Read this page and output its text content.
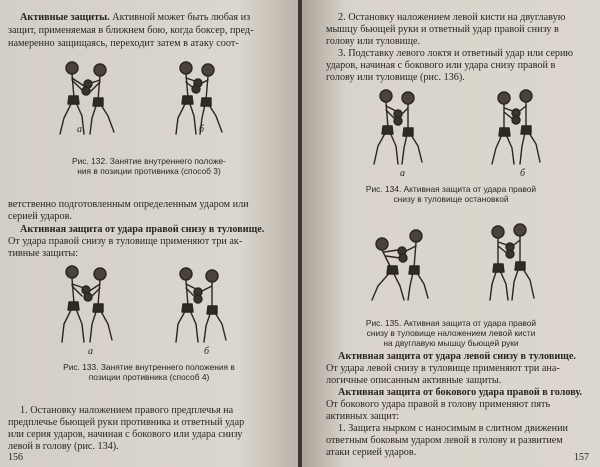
Активные защиты. Активной может быть любая из
защит, применяемая в ближнем бою, когда боксер, пред-
намеренно защищаясь, переходит затем в атаку соот-
а	б
Рис. 132. Занятие внутреннего положе-
ния в позиции противника (способ 3)
ветственно подготовленным определенным ударом или
серией ударов.
Активная защита от удара правой снизу в туловище.
От удара правой снизу в туловище применяют три ак-
тивные защиты:
а	б
Рис. 133. Занятие внутреннего положения в
позиции противника (способ 4)
1. Остановку наложением правого предплечья на
предплечье бьющей руки противника и ответный удар
или серия ударов, начиная с бокового или удара снизу
левой в голову (рис. 134).
156
2. Остановку наложением левой кисти на двуглавую
мышцу бьющей руки и ответный удар правой снизу в
голову или туловище.
3. Подставку левого локтя и ответный удар или серию
ударов, начиная с бокового или удара снизу правой в
голову или туловище (рис. 136).
а	б
Рис. 134. Активная защита от удара правой
снизу в туловище остановкой
Рис. 135. Активная защита от удара правой
снизу в туловище наложением левой кисти
на двуглавую мышцу бьющей руки
Активная защита от удара левой снизу в туловище.
От удара левой снизу в туловище применяют три ана-
логичные описанным активные защиты.
Активная защита от бокового удара правой в голову.
От бокового удара правой в голову применяют пять
активных защит:
1. Защита нырком с наносимым в слитном движении
ответным боковым ударом левой в голову и развитием
атаки серией ударов.	157
